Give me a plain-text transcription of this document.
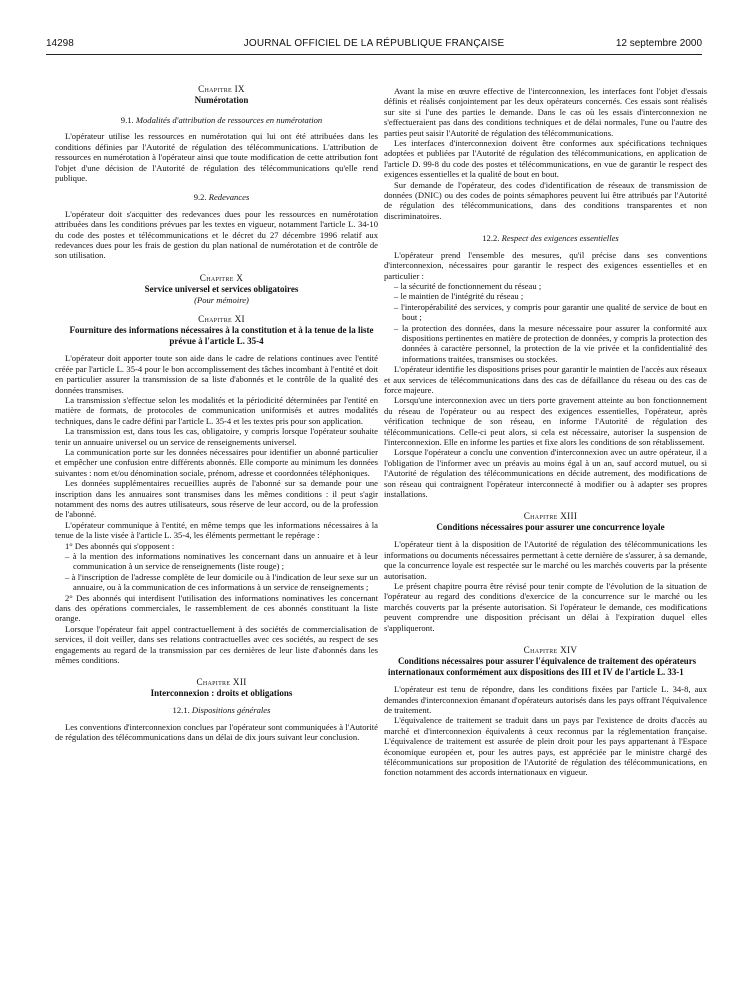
14298	JOURNAL OFFICIEL DE LA RÉPUBLIQUE FRANÇAISE	12 septembre 2000

Chapitre IX

Numérotation

9.1. Modalités d'attribution de ressources en numérotation

L'opérateur utilise les ressources en numérotation qui lui ont été attribuées dans les conditions définies par l'Autorité de régulation des télécommunications. L'attribution de ressources en numérotation à l'opérateur ainsi que toute modification de cette attribution font l'objet d'une décision de l'Autorité de régulation des télécommunications qu'elle rend publique.

9.2. Redevances

L'opérateur doit s'acquitter des redevances dues pour les ressources en numérotation attribuées dans les conditions prévues par les textes en vigueur, notamment l'article L. 34-10 du code des postes et télécommunications et le décret du 27 décembre 1996 relatif aux redevances dues pour les frais de gestion du plan national de numérotation et de contrôle de son utilisation.

Chapitre X

Service universel et services obligatoires

(Pour mémoire)

Chapitre XI

Fourniture des informations nécessaires à la constitution et à la tenue de la liste prévue à l'article L. 35-4

L'opérateur doit apporter toute son aide dans le cadre de relations continues avec l'entité créée par l'article L. 35-4 pour le bon accomplissement des tâches incombant à l'entité et doit en particulier assurer la transmission de sa liste d'abonnés et le contrôle de la qualité des données transmises.

La transmission s'effectue selon les modalités et la périodicité déterminées par l'entité en matière de formats, de protocoles de communication uniformisés et autres modalités techniques, dans le cadre défini par l'article L. 35-4 et les textes pris pour son application.

La transmission est, dans tous les cas, obligatoire, y compris lorsque l'opérateur souhaite tenir un annuaire universel ou un service de renseignements universel.

La communication porte sur les données nécessaires pour identifier un abonné particulier et empêcher une confusion entre différents abonnés. Elle comporte au minimum les données suivantes : nom et/ou dénomination sociale, prénom, adresse et coordonnées téléphoniques.

Les données supplémentaires recueillies auprès de l'abonné sur sa demande pour une inscription dans les annuaires sont transmises dans les mêmes conditions : il peut s'agir notamment des noms des autres utilisateurs, sous réserve de leur accord, ou de la profession de l'abonné.

L'opérateur communique à l'entité, en même temps que les informations nécessaires à la tenue de la liste visée à l'article L. 35-4, les éléments permettant le repérage :

1° Des abonnés qui s'opposent :

– à la mention des informations nominatives les concernant dans un annuaire et à leur communication à un service de renseignements (liste rouge) ;

– à l'inscription de l'adresse complète de leur domicile ou à l'indication de leur sexe sur un annuaire, ou à la communication de ces informations à un service de renseignements ;

2° Des abonnés qui interdisent l'utilisation des informations nominatives les concernant dans des opérations commerciales, le rassemblement de ces abonnés constituant la liste orange.

Lorsque l'opérateur fait appel contractuellement à des sociétés de commercialisation de services, il doit veiller, dans ses relations contractuelles avec ces sociétés, au respect de ses engagements au regard de la transmission par ces dernières de leur liste d'abonnés dans les mêmes conditions.

Chapitre XII

Interconnexion : droits et obligations

12.1. Dispositions générales

Les conventions d'interconnexion conclues par l'opérateur sont communiquées à l'Autorité de régulation des télécommunications dans un délai de dix jours suivant leur conclusion.

Avant la mise en œuvre effective de l'interconnexion, les interfaces font l'objet d'essais définis et réalisés conjointement par les deux opérateurs concernés. Ces essais sont réalisés sur site si l'une des parties le demande. Dans le cas où les essais d'interconnexion ne s'effectueraient pas dans des conditions techniques et de délai normales, l'une ou l'autre des parties peut saisir l'Autorité de régulation des télécommunications.

Les interfaces d'interconnexion doivent être conformes aux spécifications techniques adoptées et publiées par l'Autorité de régulation des télécommunications, en application de l'article D. 99-8 du code des postes et télécommunications, en vue de garantir le respect des exigences essentielles et la qualité de bout en bout.

Sur demande de l'opérateur, des codes d'identification de réseaux de transmission de données (DNIC) ou des codes de points sémaphores peuvent lui être attribués par l'Autorité de régulation des télécommunications, dans des conditions transparentes et non discriminatoires.

12.2. Respect des exigences essentielles

L'opérateur prend l'ensemble des mesures, qu'il précise dans ses conventions d'interconnexion, nécessaires pour garantir le respect des exigences essentielles et en particulier :

– la sécurité de fonctionnement du réseau ;

– le maintien de l'intégrité du réseau ;

– l'interopérabilité des services, y compris pour garantir une qualité de service de bout en bout ;

– la protection des données, dans la mesure nécessaire pour assurer la conformité aux dispositions pertinentes en matière de protection de données, y compris la protection des données à caractère personnel, la protection de la vie privée et la confidentialité des informations traitées, transmises ou stockées.

L'opérateur identifie les dispositions prises pour garantir le maintien de l'accès aux réseaux et aux services de télécommunications dans des cas de défaillance du réseau ou des cas de force majeure.

Lorsqu'une interconnexion avec un tiers porte gravement atteinte au bon fonctionnement du réseau de l'opérateur ou au respect des exigences essentielles, l'opérateur, après vérification technique de son réseau, en informe l'Autorité de régulation des télécommunications. Celle-ci peut alors, si cela est nécessaire, autoriser la suspension de l'interconnexion. Elle en informe les parties et fixe alors les conditions de son rétablissement.

Lorsque l'opérateur a conclu une convention d'interconnexion avec un autre opérateur, il a l'obligation de l'informer avec un préavis au moins égal à un an, sauf accord mutuel, ou si l'Autorité de régulation des télécommunications en décide autrement, des modifications de son réseau qui contraignent l'opérateur interconnecté à modifier ou à adapter ses propres installations.

Chapitre XIII

Conditions nécessaires pour assurer une concurrence loyale

L'opérateur tient à la disposition de l'Autorité de régulation des télécommunications les informations ou documents nécessaires permettant à cette dernière de s'assurer, à sa demande, que la concurrence loyale est respectée sur le marché ou les marchés couverts par la présente autorisation.

Le présent chapitre pourra être révisé pour tenir compte de l'évolution de la situation de l'opérateur au regard des conditions d'exercice de la concurrence sur le marché ou les marchés couverts par la présente autorisation. Si l'opérateur le demande, ces modifications peuvent comprendre une disposition précisant un délai à l'expiration duquel elles s'appliqueront.

Chapitre XIV

Conditions nécessaires pour assurer l'équivalence de traitement des opérateurs internationaux conformément aux dispositions des III et IV de l'article L. 33-1

L'opérateur est tenu de répondre, dans les conditions fixées par l'article L. 34-8, aux demandes d'interconnexion émanant d'opérateurs autorisés dans les pays offrant l'équivalence de traitement.

L'équivalence de traitement se traduit dans un pays par l'existence de droits d'accès au marché et d'interconnexion équivalents à ceux reconnus par la réglementation française. L'équivalence de traitement est assurée de plein droit pour les pays appartenant à l'Espace économique européen et, pour les autres pays, est appréciée par le ministre chargé des télécommunications sur proposition de l'Autorité de régulation des télécommunications, en fonction notamment des accords internationaux en vigueur.
